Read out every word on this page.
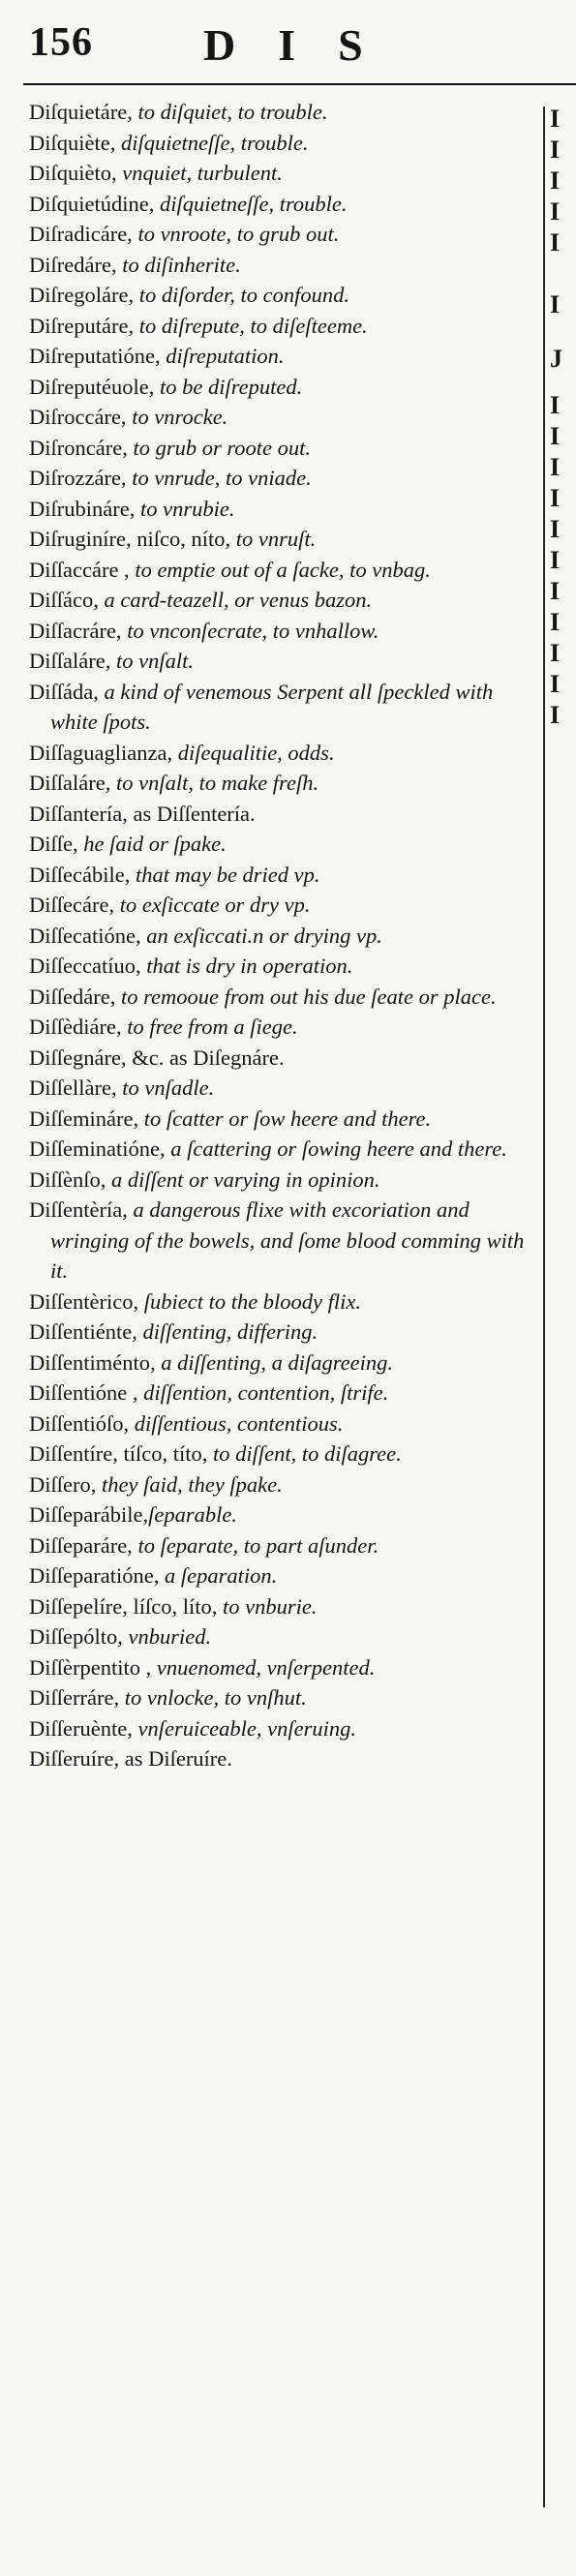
156 DIS

Diſquietáre, to diſquiet, to trouble.

Diſquiète, diſquietneſſe, trouble.

Diſquièto, vnquiet, turbulent.

Diſquietúdine, diſquietneſſe, trouble.

Diſradicáre, to vnroote, to grub out.

Diſredáre, to diſinherite.

Diſregoláre, to diſorder, to confound.

Diſreputáre, to diſrepute, to diſeſteeme.

Diſreputatióne, diſreputation.

Diſreputéuole, to be diſreputed.

Diſroccáre, to vnrocke.

Diſroncáre, to grub or roote out.

Diſrozzáre, to vnrude, to vniade.

Diſrubináre, to vnrubie.

Diſruginíre, niſco, níto, to vnruſt.

Diſſaccáre , to emptie out of a ſacke, to vnbag.

Diſſáco, a card-teazell, or venus bazon.

Diſſacráre, to vnconſecrate, to vnhallow.

Diſſaláre, to vnſalt.

Diſſáda, a kind of venemous Serpent all ſpeckled with white ſpots.

Diſſaguaglianza, diſequalitie, odds.

Diſſaláre, to vnſalt, to make freſh.

Diſſantería, as Diſſentería.

Diſſe, he ſaid or ſpake.

Diſſecábile, that may be dried vp.

Diſſecáre, to exſiccate or dry vp.

Diſſecatióne, an exſiccati.n or drying vp.

Diſſeccatíuo, that is dry in operation.

Diſſedáre, to remooue from out his due ſeate or place.

Diſſèdiáre, to free from a ſiege.

Diſſegnáre, &c. as Diſegnáre.

Diſſellàre, to vnſadle.

Diſſemináre, to ſcatter or ſow heere and there.

Diſſeminatióne, a ſcattering or ſowing heere and there.

Diſſènſo, a diſſent or varying in opinion.

Diſſentèría, a dangerous flixe with excoriation and wringing of the bowels, and ſome blood comming with it.

Diſſentèrico, ſubiect to the bloody flix.

Diſſentiénte, diſſenting, differing.

Diſſentiménto, a diſſenting, a diſagreeing.

Diſſentióne , diſſention, contention, ſtrife.

Diſſentióſo, diſſentious, contentious.

Diſſentíre, tíſco, títo, to diſſent, to diſagree.

Diſſero, they ſaid, they ſpake.

Diſſeparábile,ſeparable.

Diſſeparáre, to ſeparate, to part aſunder.

Diſſeparatióne, a ſeparation.

Diſſepelíre, líſco, líto, to vnburie.

Diſſepólto, vnburied.

Diſſèrpentito , vnuenomed, vnſerpented.

Diſſerráre, to vnlocke, to vnſhut.

Diſſeruènte, vnſeruiceable, vnſeruing.

Diſſeruíre, as Diſeruíre.

I
I
I
I
I
I
J
I
I
I
I
I
I
I
I
I
I
I
